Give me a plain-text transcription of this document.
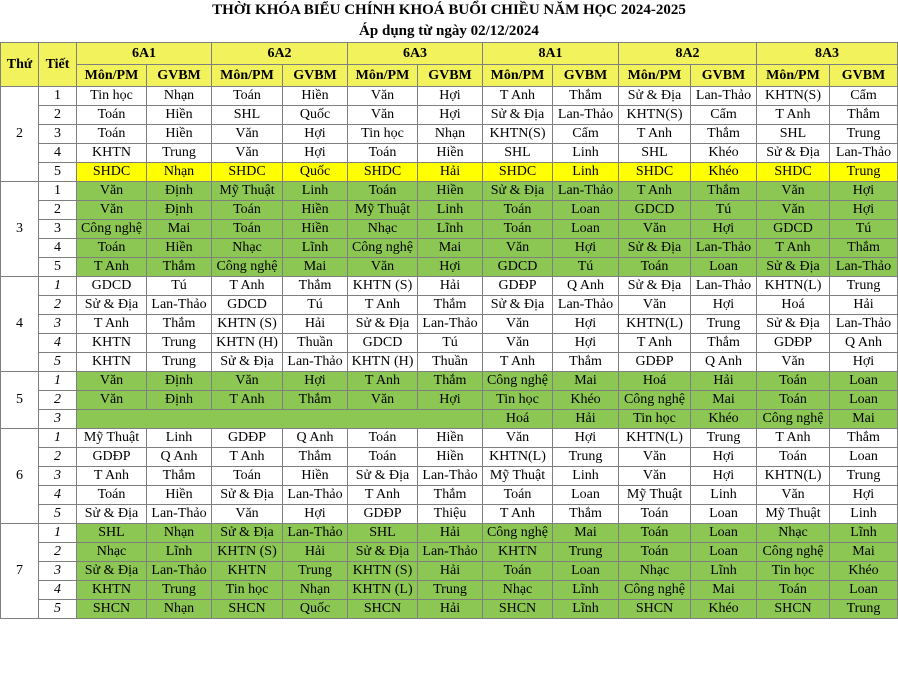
THỜI KHÓA BIỂU CHÍNH KHOÁ BUỔI CHIỀU NĂM HỌC 2024-2025
Áp dụng từ ngày 02/12/2024
Thứ	Tiết	6A1		6A2		6A3		8A1		8A2		8A3	
		Môn/PM	GVBM	Môn/PM	GVBM	Môn/PM	GVBM	Môn/PM	GVBM	Môn/PM	GVBM	Môn/PM	GVBM
2	1	Tin học	Nhạn	Toán	Hiền	Văn	Hợi	T Anh	Thắm	Sử & Địa	Lan-Thảo	KHTN(S)	Cẩm
	2	Toán	Hiền	SHL	Quốc	Văn	Hợi	Sử & Địa	Lan-Thảo	KHTN(S)	Cẩm	T Anh	Thắm
	3	Toán	Hiền	Văn	Hợi	Tin học	Nhạn	KHTN(S)	Cẩm	T Anh	Thắm	SHL	Trung
	4	KHTN	Trung	Văn	Hợi	Toán	Hiền	SHL	Linh	SHL	Khéo	Sử & Địa	Lan-Thảo
	5	SHDC	Nhạn	SHDC	Quốc	SHDC	Hải	SHDC	Linh	SHDC	Khéo	SHDC	Trung
3	1	Văn	Định	Mỹ Thuật	Linh	Toán	Hiền	Sử & Địa	Lan-Thảo	T Anh	Thắm	Văn	Hợi
	2	Văn	Định	Toán	Hiền	Mỹ Thuật	Linh	Toán	Loan	GDCD	Tú	Văn	Hợi
	3	Công nghệ	Mai	Toán	Hiền	Nhạc	Lĩnh	Toán	Loan	Văn	Hợi	GDCD	Tú
	4	Toán	Hiền	Nhạc	Lĩnh	Công nghệ	Mai	Văn	Hợi	Sử & Địa	Lan-Thảo	T Anh	Thắm
	5	T Anh	Thắm	Công nghệ	Mai	Văn	Hợi	GDCD	Tú	Toán	Loan	Sử & Địa	Lan-Thảo
4	1	GDCD	Tú	T Anh	Thắm	KHTN (S)	Hải	GDĐP	Q Anh	Sử & Địa	Lan-Thảo	KHTN(L)	Trung
	2	Sử & Địa	Lan-Thảo	GDCD	Tú	T Anh	Thắm	Sử & Địa	Lan-Thảo	Văn	Hợi	Hoá	Hải
	3	T Anh	Thắm	KHTN (S)	Hải	Sử & Địa	Lan-Thảo	Văn	Hợi	KHTN(L)	Trung	Sử & Địa	Lan-Thảo
	4	KHTN	Trung	KHTN (H)	Thuần	GDCD	Tú	Văn	Hợi	T Anh	Thắm	GDĐP	Q Anh
	5	KHTN	Trung	Sử & Địa	Lan-Thảo	KHTN (H)	Thuần	T Anh	Thắm	GDĐP	Q Anh	Văn	Hợi
5	1	Văn	Định	Văn	Hợi	T Anh	Thắm	Công nghệ	Mai	Hoá	Hải	Toán	Loan
	2	Văn	Định	T Anh	Thắm	Văn	Hợi	Tin học	Khéo	Công nghệ	Mai	Toán	Loan
	3							Hoá	Hải	Tin học	Khéo	Công nghệ	Mai
6	1	Mỹ Thuật	Linh	GDĐP	Q Anh	Toán	Hiền	Văn	Hợi	KHTN(L)	Trung	T Anh	Thắm
	2	GDĐP	Q Anh	T Anh	Thắm	Toán	Hiền	KHTN(L)	Trung	Văn	Hợi	Toán	Loan
	3	T Anh	Thắm	Toán	Hiền	Sử & Địa	Lan-Thảo	Mỹ Thuật	Linh	Văn	Hợi	KHTN(L)	Trung
	4	Toán	Hiền	Sử & Địa	Lan-Thảo	T Anh	Thắm	Toán	Loan	Mỹ Thuật	Linh	Văn	Hợi
	5	Sử & Địa	Lan-Thảo	Văn	Hợi	GDĐP	Thiệu	T Anh	Thắm	Toán	Loan	Mỹ Thuật	Linh
7	1	SHL	Nhạn	Sử & Địa	Lan-Thảo	SHL	Hải	Công nghệ	Mai	Toán	Loan	Nhạc	Lĩnh
	2	Nhạc	Lĩnh	KHTN (S)	Hải	Sử & Địa	Lan-Thảo	KHTN	Trung	Toán	Loan	Công nghệ	Mai
	3	Sử & Địa	Lan-Thảo	KHTN	Trung	KHTN (S)	Hải	Toán	Loan	Nhạc	Lĩnh	Tin học	Khéo
	4	KHTN	Trung	Tin học	Nhạn	KHTN (L)	Trung	Nhạc	Lĩnh	Công nghệ	Mai	Toán	Loan
	5	SHCN	Nhạn	SHCN	Quốc	SHCN	Hải	SHCN	Lĩnh	SHCN	Khéo	SHCN	Trung
